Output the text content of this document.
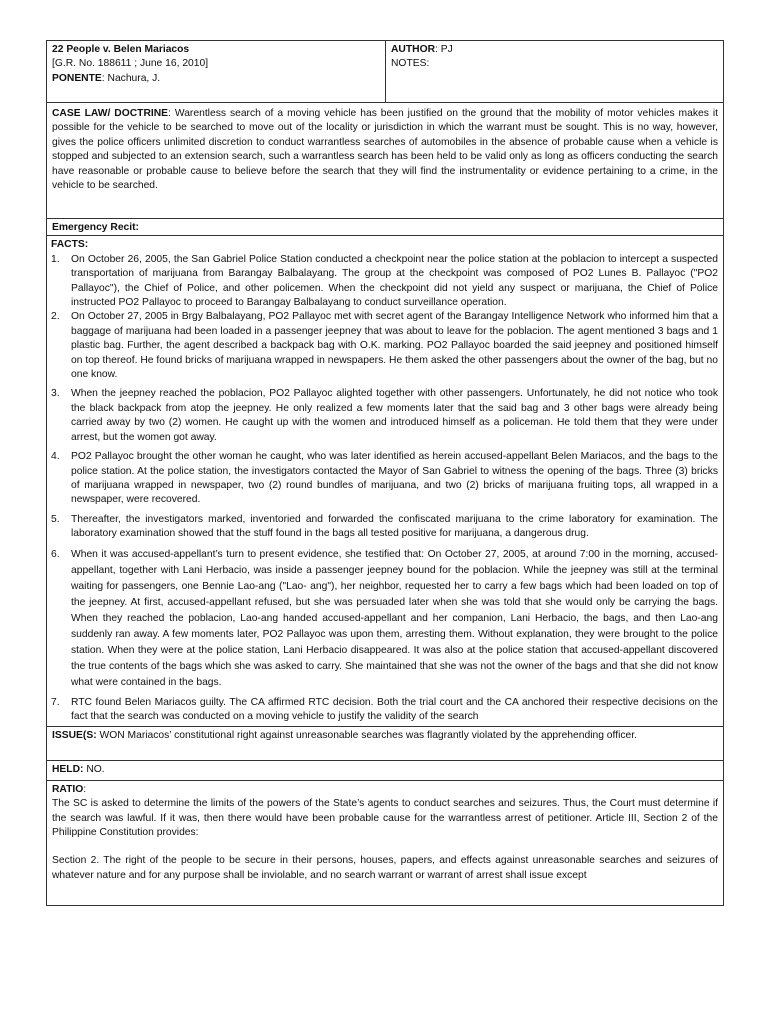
22 People v. Belen Mariacos
[G.R. No. 188611 ; June 16, 2010]
PONENTE: Nachura, J.

AUTHOR: PJ
NOTES:

CASE LAW/ DOCTRINE: Warentless search of a moving vehicle has been justified on the ground that the mobility of motor vehicles makes it possible for the vehicle to be searched to move out of the locality or jurisdiction in which the warrant must be sought. This is no way, however, gives the police officers unlimited discretion to conduct warrantless searches of automobiles in the absence of probable cause when a vehicle is stopped and subjected to an extension search, such a warrantless search has been held to be valid only as long as officers conducting the search have reasonable or probable cause to believe before the search that they will find the instrumentality or evidence pertaining to a crime, in the vehicle to be searched.
Emergency Recit:

FACTS:
1. On October 26, 2005, the San Gabriel Police Station conducted a checkpoint near the police station at the poblacion to intercept a suspected transportation of marijuana from Barangay Balbalayang. The group at the checkpoint was composed of PO2 Lunes B. Pallayoc ("PO2 Pallayoc"), the Chief of Police, and other policemen. When the checkpoint did not yield any suspect or marijuana, the Chief of Police instructed PO2 Pallayoc to proceed to Barangay Balbalayang to conduct surveillance operation.
2. On October 27, 2005 in Brgy Balbalayang, PO2 Pallayoc met with secret agent of the Barangay Intelligence Network who informed him that a baggage of marijuana had been loaded in a passenger jeepney that was about to leave for the poblacion. The agent mentioned 3 bags and 1 plastic bag. Further, the agent described a backpack bag with O.K. marking. PO2 Pallayoc boarded the said jeepney and positioned himself on top thereof. He found bricks of marijuana wrapped in newspapers. He them asked the other passengers about the owner of the bag, but no one know.
3. When the jeepney reached the poblacion, PO2 Pallayoc alighted together with other passengers. Unfortunately, he did not notice who took the black backpack from atop the jeepney. He only realized a few moments later that the said bag and 3 other bags were already being carried away by two (2) women. He caught up with the women and introduced himself as a policeman. He told them that they were under arrest, but the women got away.
4. PO2 Pallayoc brought the other woman he caught, who was later identified as herein accused-appellant Belen Mariacos, and the bags to the police station. At the police station, the investigators contacted the Mayor of San Gabriel to witness the opening of the bags. Three (3) bricks of marijuana wrapped in newspaper, two (2) round bundles of marijuana, and two (2) bricks of marijuana fruiting tops, all wrapped in a newspaper, were recovered.
5. Thereafter, the investigators marked, inventoried and forwarded the confiscated marijuana to the crime laboratory for examination. The laboratory examination showed that the stuff found in the bags all tested positive for marijuana, a dangerous drug.
6. When it was accused-appellant’s turn to present evidence, she testified that: On October 27, 2005, at around 7:00 in the morning, accused-appellant, together with Lani Herbacio, was inside a passenger jeepney bound for the poblacion. While the jeepney was still at the terminal waiting for passengers, one Bennie Lao-ang ("Lao- ang"), her neighbor, requested her to carry a few bags which had been loaded on top of the jeepney. At first, accused-appellant refused, but she was persuaded later when she was told that she would only be carrying the bags. When they reached the poblacion, Lao-ang handed accused-appellant and her companion, Lani Herbacio, the bags, and then Lao-ang suddenly ran away. A few moments later, PO2 Pallayoc was upon them, arresting them. Without explanation, they were brought to the police station. When they were at the police station, Lani Herbacio disappeared. It was also at the police station that accused-appellant discovered the true contents of the bags which she was asked to carry. She maintained that she was not the owner of the bags and that she did not know what were contained in the bags.
7. RTC found Belen Mariacos guilty. The CA affirmed RTC decision. Both the trial court and the CA anchored their respective decisions on the fact that the search was conducted on a moving vehicle to justify the validity of the search

ISSUE(S: WON Mariacos’ constitutional right against unreasonable searches was flagrantly violated by the apprehending officer.
HELD: NO.

RATIO:

The SC is asked to determine the limits of the powers of the State’s agents to conduct searches and seizures. Thus, the Court must determine if the search was lawful. If it was, then there would have been probable cause for the warrantless arrest of petitioner. Article III, Section 2 of the Philippine Constitution provides:

Section 2. The right of the people to be secure in their persons, houses, papers, and effects against unreasonable searches and seizures of whatever nature and for any purpose shall be inviolable, and no search warrant or warrant of arrest shall issue except
